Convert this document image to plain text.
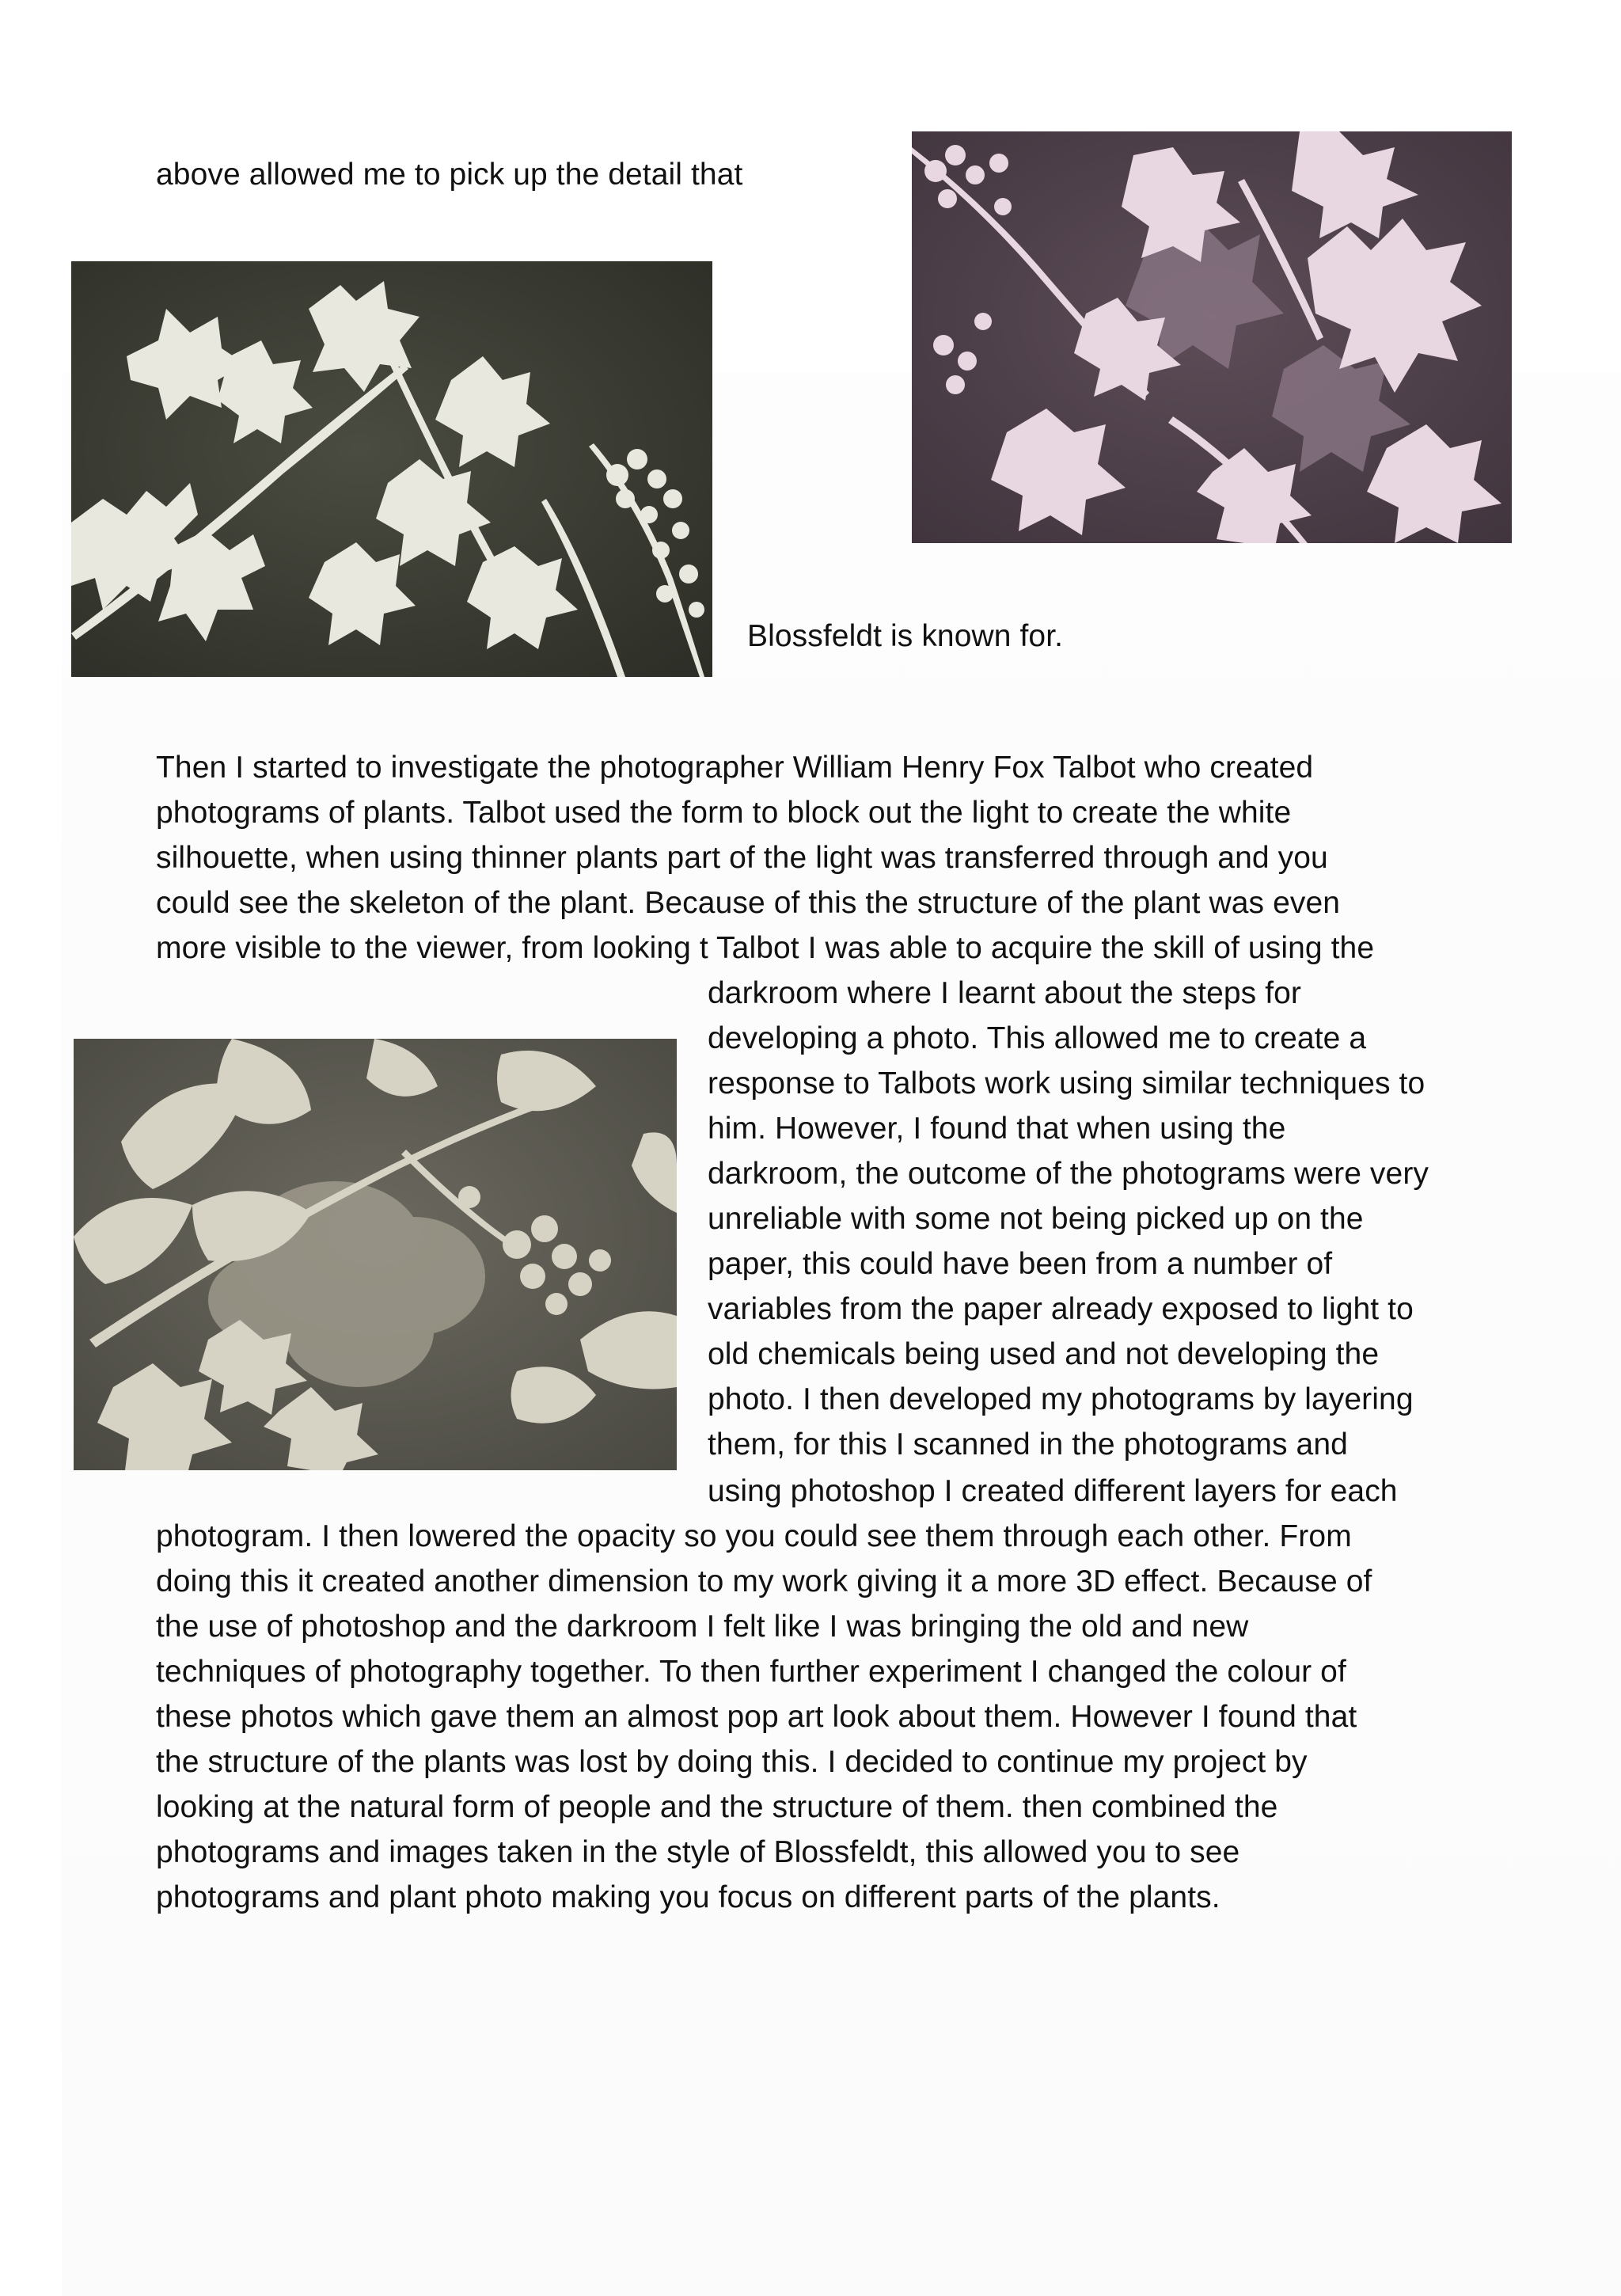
above allowed me to pick up the detail that
Blossfeldt is known for.
Then I started to investigate the photographer William Henry Fox Talbot who created
photograms of plants. Talbot used the form to block out the light to create the white
silhouette, when using thinner plants part of the light was transferred through and you
could see the skeleton of the plant. Because of this the structure of the plant was even
more visible to the viewer, from looking t Talbot I was able to acquire the skill of using the
darkroom where I learnt about the steps for
developing a photo. This allowed me to create a
response to Talbots work using similar techniques to
him. However, I found that when using the
darkroom, the outcome of the photograms were very
unreliable with some not being picked up on the
paper, this could have been from a number of
variables from the paper already exposed to light to
old chemicals being used and not developing the
photo. I then developed my photograms by layering
them, for this I scanned in the photograms and
using photoshop I created different layers for each
photogram. I then lowered the opacity so you could see them through each other. From
doing this it created another dimension to my work giving it a more 3D effect. Because of
the use of photoshop and the darkroom I felt like I was bringing the old and new
techniques of photography together. To then further experiment I changed the colour of
these photos which gave them an almost pop art look about them. However I found that
the structure of the plants was lost by doing this. I decided to continue my project by
looking at the natural form of people and the structure of them. then combined the
photograms and images taken in the style of Blossfeldt, this allowed you to see
photograms and plant photo making you focus on different parts of the plants.
